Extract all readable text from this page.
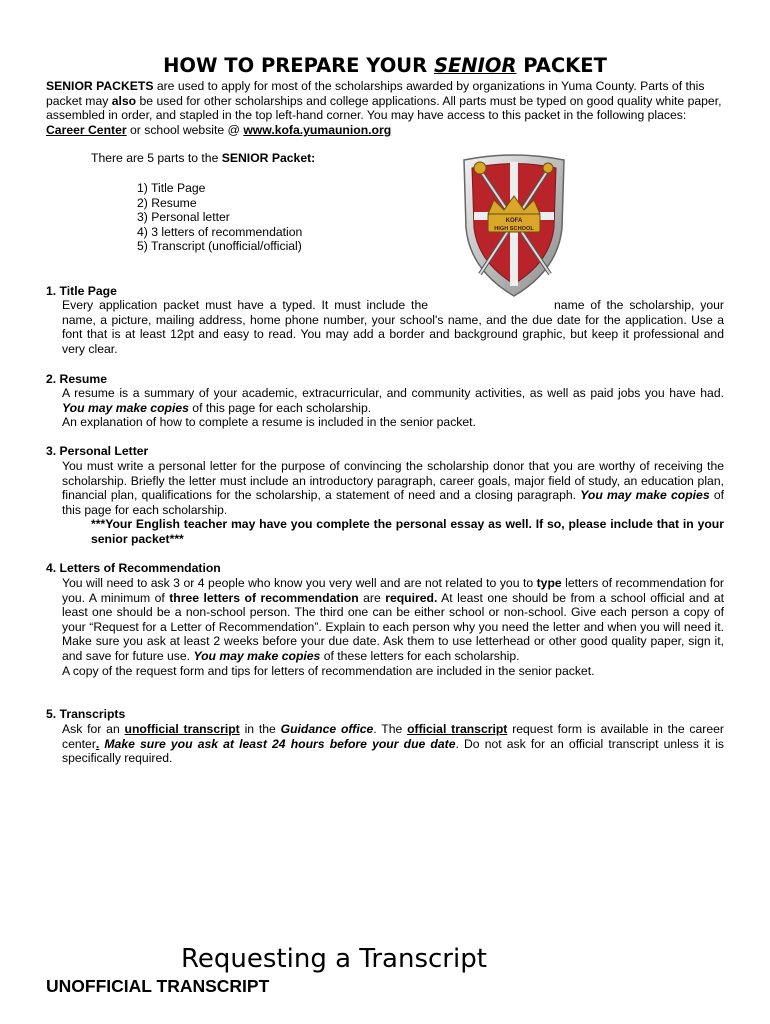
HOW TO PREPARE YOUR SENIOR PACKET
SENIOR PACKETS are used to apply for most of the scholarships awarded by organizations in Yuma County. Parts of this packet may also be used for other scholarships and college applications. All parts must be typed on good quality white paper, assembled in order, and stapled in the top left-hand corner. You may have access to this packet in the following places: Career Center or school website @ www.kofa.yumaunion.org
There are 5 parts to the SENIOR Packet:
1) Title Page
2) Resume
3) Personal letter
4) 3 letters of recommendation
5) Transcript (unofficial/official)
KOFA
HIGH SCHOOL
1. Title Page
Every application packet must have a typed. It must include the	name of the scholarship, your name, a picture, mailing address, home phone number, your school's name, and the due date for the application. Use a font that is at least 12pt and easy to read. You may add a border and background graphic, but keep it professional and very clear.
2. Resume

A resume is a summary of your academic, extracurricular, and community activities, as well as paid jobs you have had. You may make copies of this page for each scholarship.

An explanation of how to complete a resume is included in the senior packet.

3. Personal Letter

You must write a personal letter for the purpose of convincing the scholarship donor that you are worthy of receiving the scholarship. Briefly the letter must include an introductory paragraph, career goals, major field of study, an education plan, financial plan, qualifications for the scholarship, a statement of need and a closing paragraph. You may make copies of this page for each scholarship.

***Your English teacher may have you complete the personal essay as well. If so, please include that in your senior packet***

4. Letters of Recommendation

You will need to ask 3 or 4 people who know you very well and are not related to you to type letters of recommendation for you. A minimum of three letters of recommendation are required. At least one should be from a school official and at least one should be a non-school person. The third one can be either school or non-school. Give each person a copy of your “Request for a Letter of Recommendation”. Explain to each person why you need the letter and when you will need it. Make sure you ask at least 2 weeks before your due date. Ask them to use letterhead or other good quality paper, sign it, and save for future use. You may make copies of these letters for each scholarship.

A copy of the request form and tips for letters of recommendation are included in the senior packet.

5. Transcripts

Ask for an unofficial transcript in the Guidance office. The official transcript request form is available in the career center. Make sure you ask at least 24 hours before your due date. Do not ask for an official transcript unless it is specifically required.

Requesting a Transcript
UNOFFICIAL TRANSCRIPT
